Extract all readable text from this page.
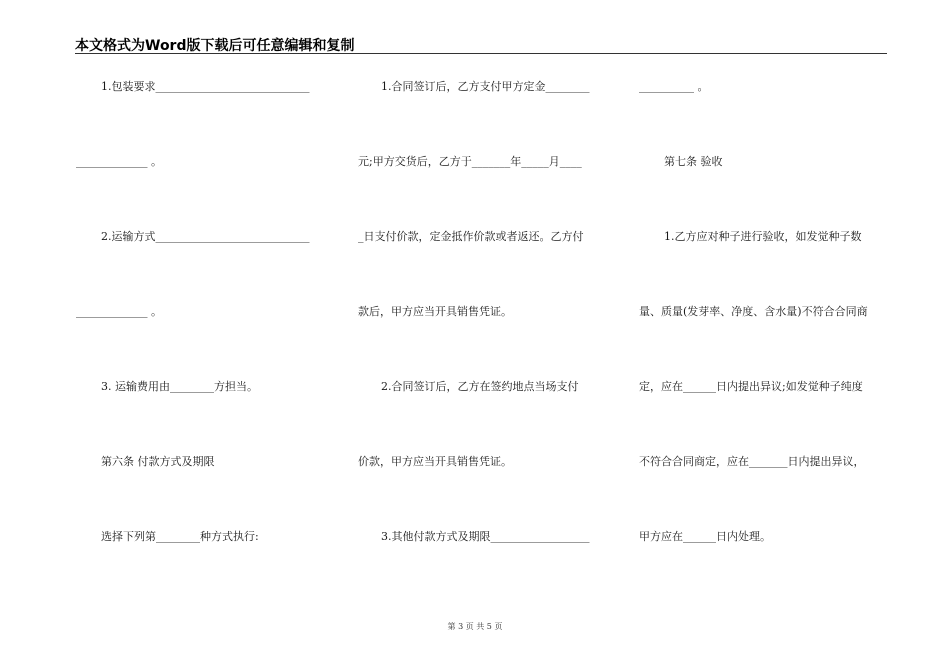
本文格式为Word版下载后可任意编辑和复制
1.包装要求____________________________
_____________ 。
2.运输方式____________________________
_____________ 。
3. 运输费用由________方担当。
第六条 付款方式及期限
选择下列第________种方式执行:
1.合同签订后，乙方支付甲方定金________
元;甲方交货后，乙方于_______年_____月____
_日支付价款，定金抵作价款或者返还。乙方付
款后，甲方应当开具销售凭证。
2.合同签订后，乙方在签约地点当场支付
价款，甲方应当开具销售凭证。
3.其他付款方式及期限__________________
__________ 。
第七条 验收
1.乙方应对种子进行验收，如发觉种子数
量、质量(发芽率、净度、含水量)不符合合同商
定，应在______日内提出异议;如发觉种子纯度
不符合合同商定，应在_______日内提出异议，
甲方应在______日内处理。
第 3 页 共 5 页
